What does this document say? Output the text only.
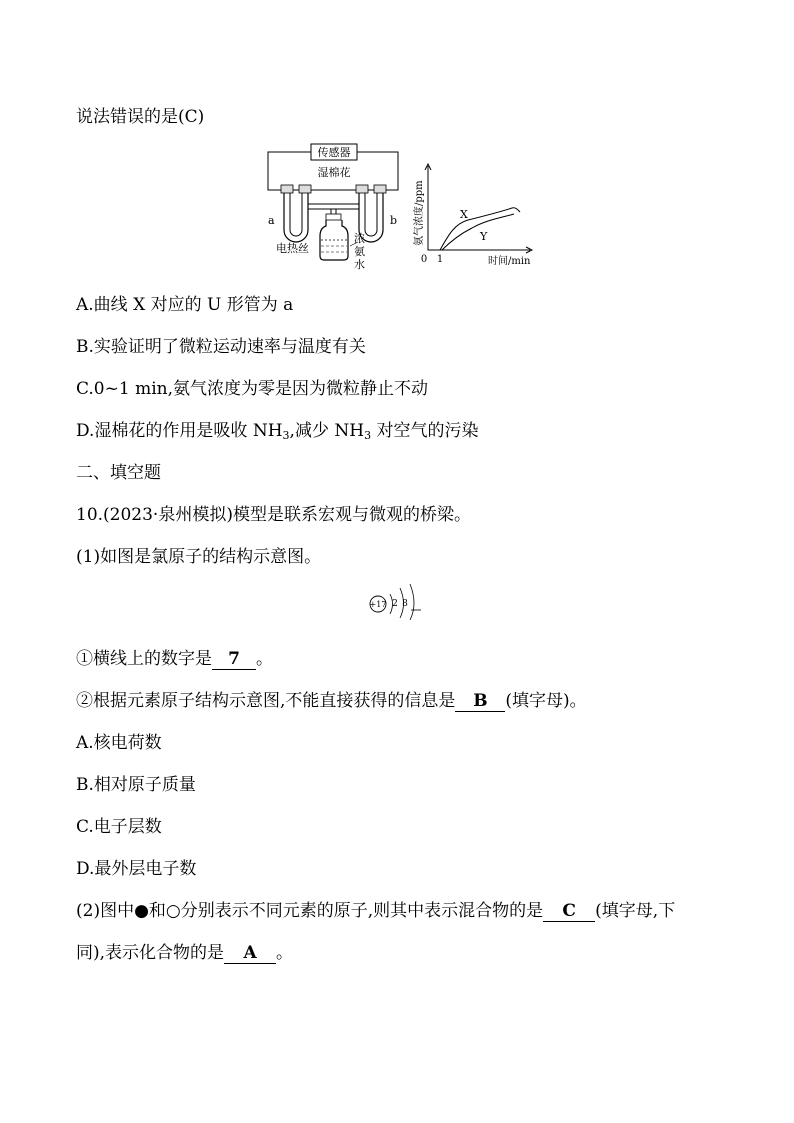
说法错误的是(C)
传感器
湿棉花
a	b
电热丝
浓
氨
水
X
Y
0 1	时间/min
氨气浓度/ppm
A.曲线 X 对应的 U 形管为 a
B.实验证明了微粒运动速率与温度有关
C.0~1 min,氨气浓度为零是因为微粒静止不动
D.湿棉花的作用是吸收 $NH_3$,减少 $NH_3$ 对空气的污染
二、填空题
10.(2023·泉州模拟)模型是联系宏观与微观的桥梁。
(1)如图是氯原子的结构示意图。
+17 2 8
①横线上的数字是 7 。
②根据元素原子结构示意图,不能直接获得的信息是 B (填字母)。
A.核电荷数
B.相对原子质量
C.电子层数
D.最外层电子数
(2)图中●和○分别表示不同元素的原子,则其中表示混合物的是 C (填字母,下
同),表示化合物的是 A 。
